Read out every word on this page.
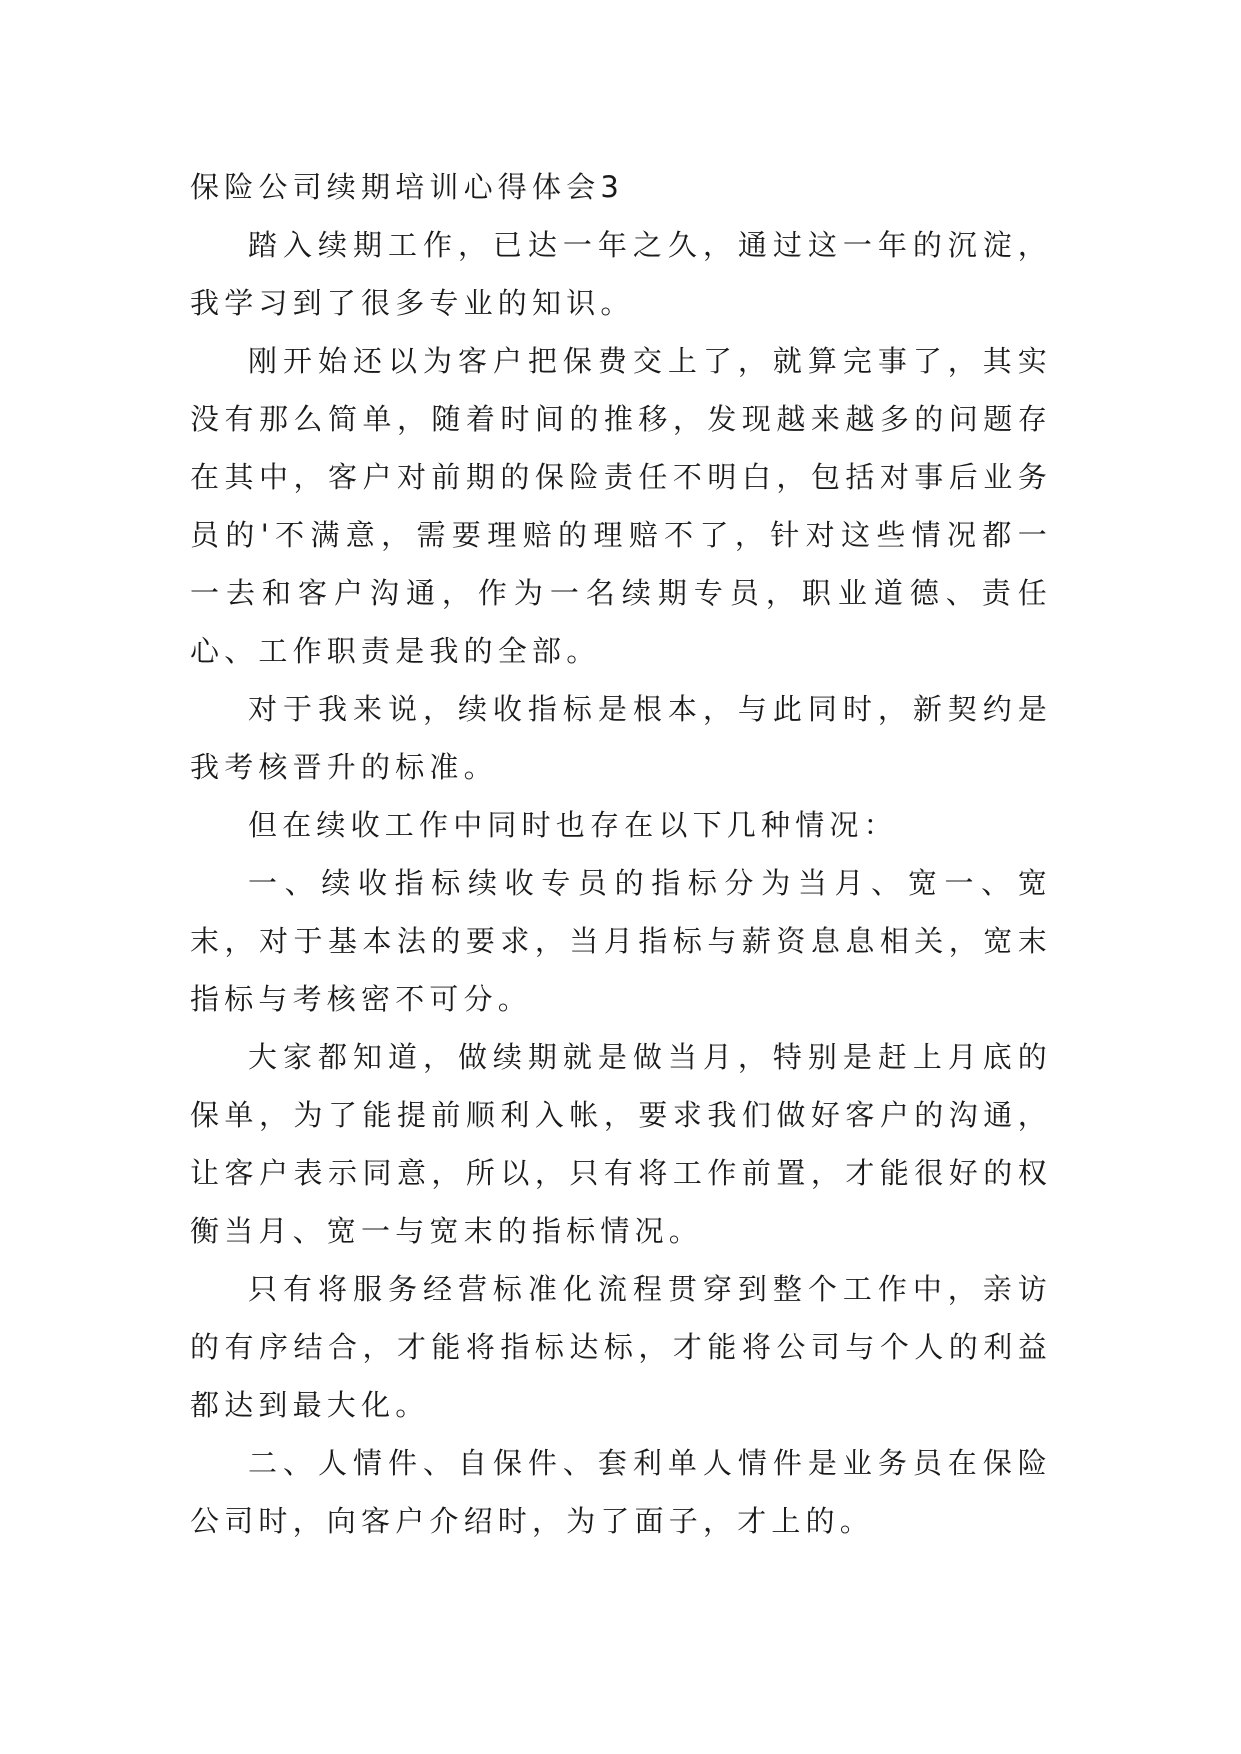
保险公司续期培训心得体会3

踏入续期工作，已达一年之久，通过这一年的沉淀，我学习到了很多专业的知识。

刚开始还以为客户把保费交上了，就算完事了，其实没有那么简单，随着时间的推移，发现越来越多的问题存在其中，客户对前期的保险责任不明白，包括对事后业务员的'不满意，需要理赔的理赔不了，针对这些情况都一一去和客户沟通，作为一名续期专员，职业道德、责任心、工作职责是我的全部。

对于我来说，续收指标是根本，与此同时，新契约是我考核晋升的标准。

但在续收工作中同时也存在以下几种情况：

一、续收指标续收专员的指标分为当月、宽一、宽末，对于基本法的要求，当月指标与薪资息息相关，宽末指标与考核密不可分。

大家都知道，做续期就是做当月，特别是赶上月底的保单，为了能提前顺利入帐，要求我们做好客户的沟通，让客户表示同意，所以，只有将工作前置，才能很好的权衡当月、宽一与宽末的指标情况。

只有将服务经营标准化流程贯穿到整个工作中，亲访的有序结合，才能将指标达标，才能将公司与个人的利益都达到最大化。

二、人情件、自保件、套利单人情件是业务员在保险公司时，向客户介绍时，为了面子，才上的。
